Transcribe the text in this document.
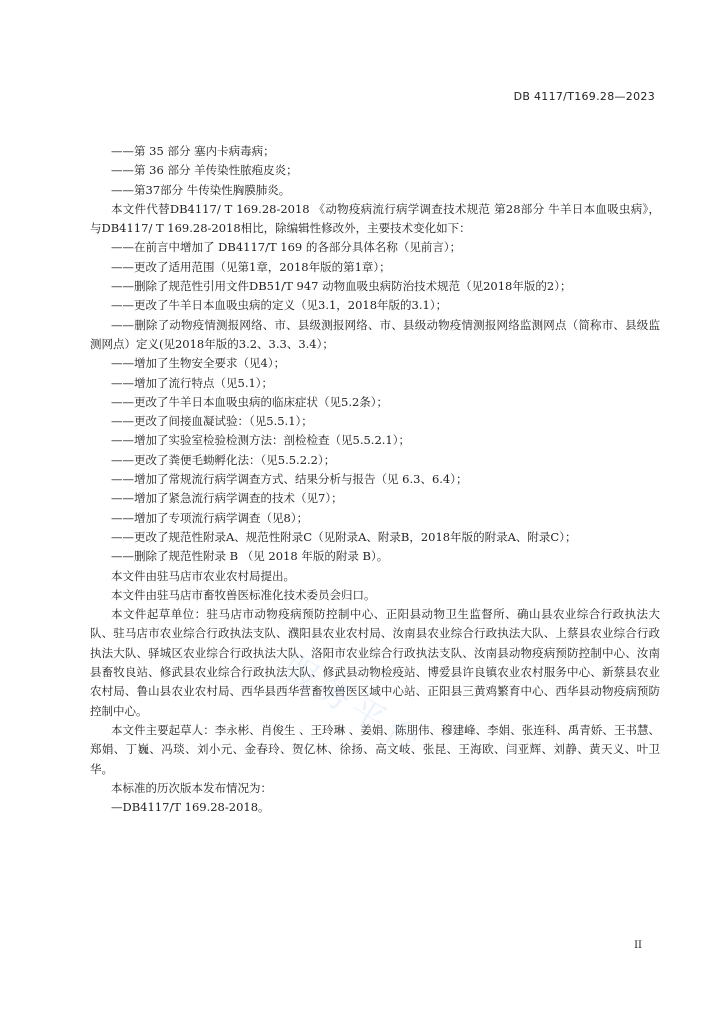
DB 4117/T169.28—2023
——第 35 部分 塞内卡病毒病；
——第 36 部分 羊传染性脓疱皮炎；
——第37部分 牛传染性胸膜肺炎。
本文件代替DB4117/ T 169.28-2018 《动物疫病流行病学调查技术规范 第28部分 牛羊日本血吸虫病》，与DB4117/ T 169.28-2018相比，除编辑性修改外，主要技术变化如下：
——在前言中增加了 DB4117/T 169 的各部分具体名称（见前言）；
——更改了适用范围（见第1章，2018年版的第1章）；
——删除了规范性引用文件DB51/T 947 动物血吸虫病防治技术规范（见2018年版的2）；
——更改了牛羊日本血吸虫病的定义（见3.1，2018年版的3.1）；
——删除了动物疫情测报网络、市、县级测报网络、市、县级动物疫情测报网络监测网点（简称市、县级监测网点）定义(见2018年版的3.2、3.3、3.4）；
——增加了生物安全要求（见4）；
——增加了流行特点（见5.1）；
——更改了牛羊日本血吸虫病的临床症状（见5.2条）；
——更改了间接血凝试验：（见5.5.1）；
——增加了实验室检验检测方法：剖检检查（见5.5.2.1）；
——更改了粪便毛蚴孵化法：（见5.5.2.2）；
——增加了常规流行病学调查方式、结果分析与报告（见 6.3、6.4）；
——增加了紧急流行病学调查的技术（见7）；
——增加了专项流行病学调查（见8）；
——更改了规范性附录A、规范性附录C（见附录A、附录B，2018年版的附录A、附录C）；
——删除了规范性附录 B （见 2018 年版的附录 B）。
本文件由驻马店市农业农村局提出。
本文件由驻马店市畜牧兽医标准化技术委员会归口。
本文件起草单位：驻马店市动物疫病预防控制中心、正阳县动物卫生监督所、确山县农业综合行政执法大队、驻马店市农业综合行政执法支队、濮阳县农业农村局、汝南县农业综合行政执法大队、上蔡县农业综合行政执法大队、驿城区农业综合行政执法大队、洛阳市农业综合行政执法支队、汝南县动物疫病预防控制中心、汝南县畜牧良站、修武县农业综合行政执法大队、修武县动物检疫站、博爱县许良镇农业农村服务中心、新蔡县农业农村局、鲁山县农业农村局、西华县西华营畜牧兽医区域中心站、正阳县三黄鸡繁育中心、西华县动物疫病预防控制中心。
本文件主要起草人：李永彬、肖俊生 、王玲琳 、姜娟、陈朋伟、穆建峰、李娟、张连科、禹青娇、王书慧、郑娟、丁巍、冯琰、刘小元、金春玲、贺亿林、徐扬、高文岐、张昆、王海欧、闫亚辉、刘静、黄天义、叶卫华。
本标准的历次版本发布情况为：
—DB4117/T 169.28-2018。
服务平台
II
